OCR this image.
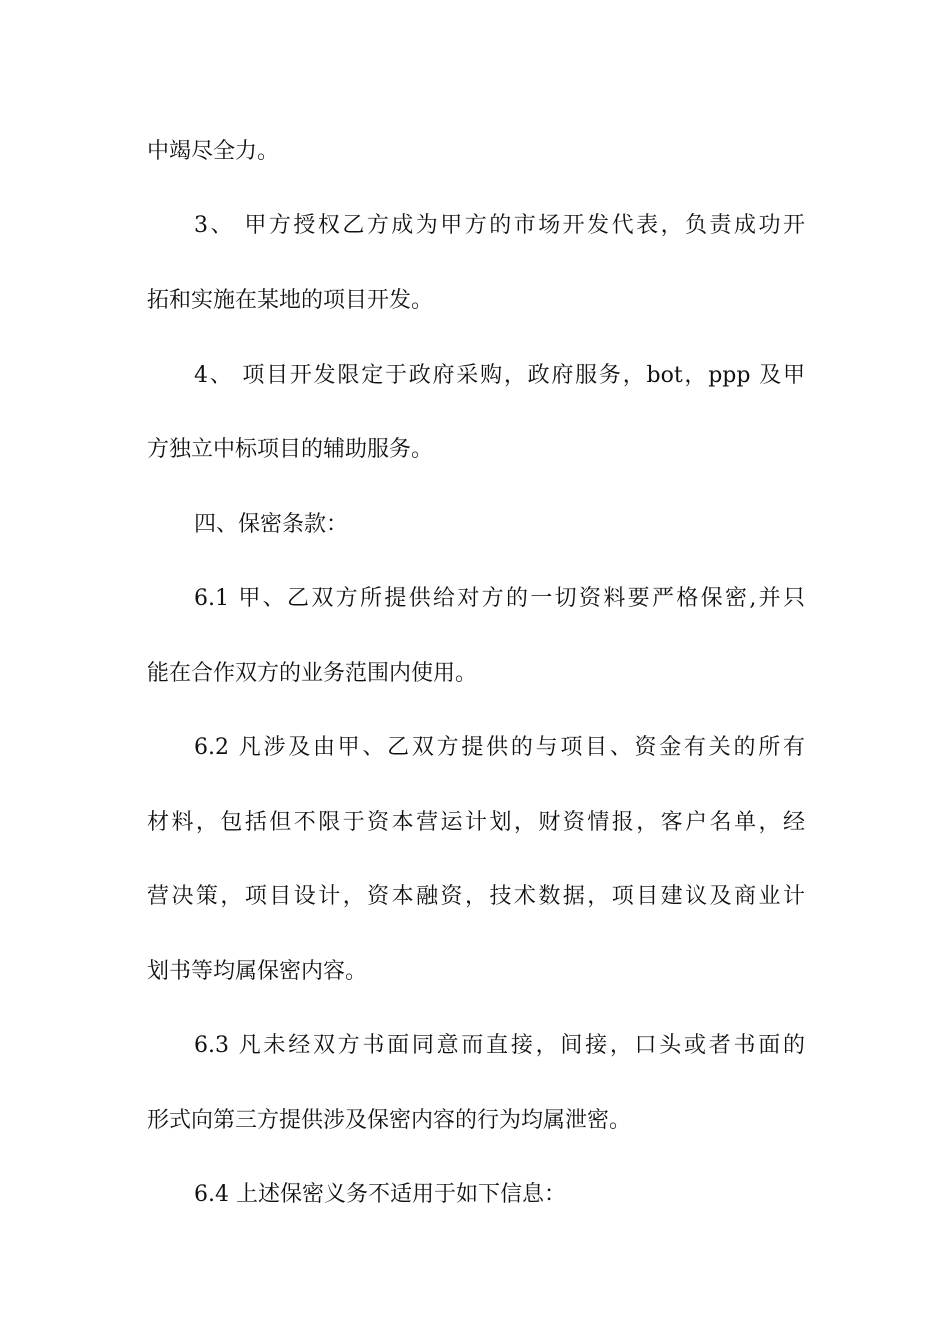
中竭尽全力。
3、 甲方授权乙方成为甲方的市场开发代表，负责成功开
拓和实施在某地的项目开发。
4、 项目开发限定于政府采购，政府服务，bot，ppp 及甲
方独立中标项目的辅助服务。
四、保密条款：
6.1 甲、乙双方所提供给对方的一切资料要严格保密,并只
能在合作双方的业务范围内使用。
6.2 凡涉及由甲、乙双方提供的与项目、资金有关的所有
材料，包括但不限于资本营运计划，财资情报，客户名单，经
营决策，项目设计，资本融资，技术数据，项目建议及商业计
划书等均属保密内容。
6.3 凡未经双方书面同意而直接，间接，口头或者书面的
形式向第三方提供涉及保密内容的行为均属泄密。
6.4 上述保密义务不适用于如下信息：
